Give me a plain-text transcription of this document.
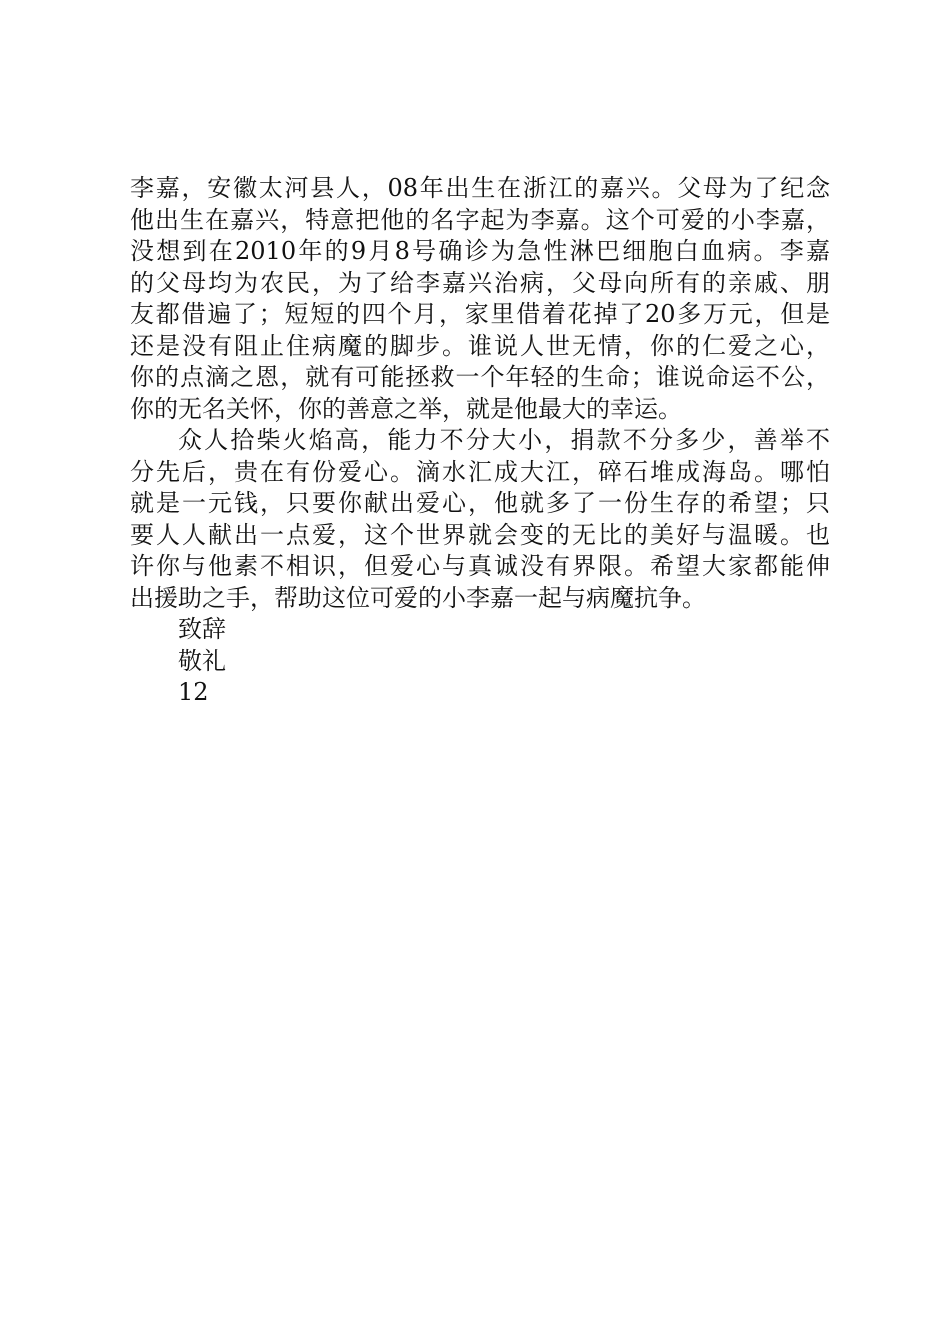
李嘉，安徽太河县人，08年出生在浙江的嘉兴。父母为了纪念
他出生在嘉兴，特意把他的名字起为李嘉。这个可爱的小李嘉，
没想到在2010年的9月8号确诊为急性淋巴细胞白血病。李嘉
的父母均为农民，为了给李嘉兴治病，父母向所有的亲戚、朋
友都借遍了；短短的四个月，家里借着花掉了20多万元，但是
还是没有阻止住病魔的脚步。谁说人世无情，你的仁爱之心，
你的点滴之恩，就有可能拯救一个年轻的生命；谁说命运不公，
你的无名关怀，你的善意之举，就是他最大的幸运。
众人拾柴火焰高，能力不分大小，捐款不分多少，善举不
分先后，贵在有份爱心。滴水汇成大江，碎石堆成海岛。哪怕
就是一元钱，只要你献出爱心，他就多了一份生存的希望；只
要人人献出一点爱，这个世界就会变的无比的美好与温暖。也
许你与他素不相识，但爱心与真诚没有界限。希望大家都能伸
出援助之手，帮助这位可爱的小李嘉一起与病魔抗争。
致辞
敬礼
12
